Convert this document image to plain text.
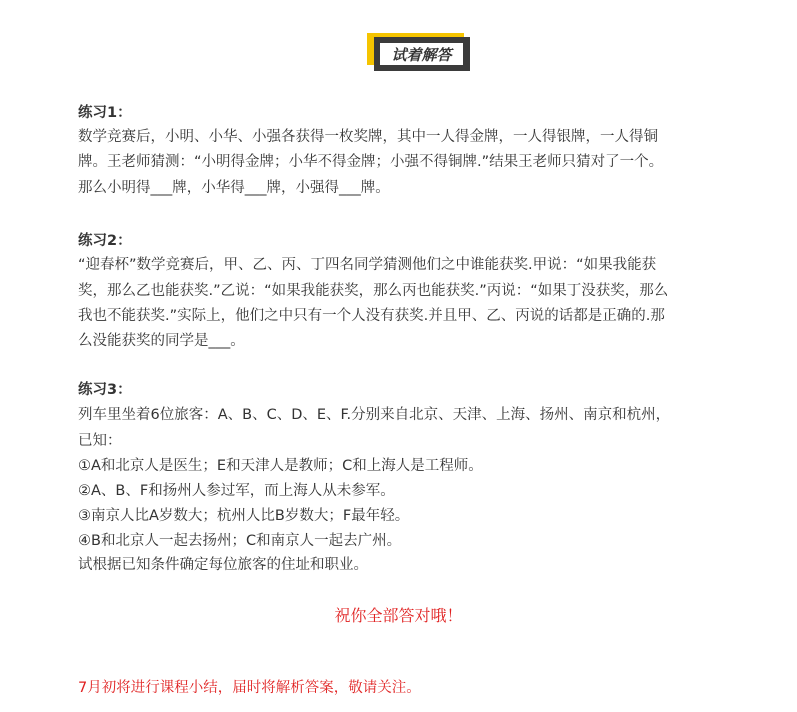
试着解答
练习1：
数学竞赛后，小明、小华、小强各获得一枚奖牌，其中一人得金牌，一人得银牌，一人得铜
牌。王老师猜测：“小明得金牌；小华不得金牌；小强不得铜牌.”结果王老师只猜对了一个。
那么小明得___牌，小华得___牌，小强得___牌。
练习2：
“迎春杯”数学竞赛后，甲、乙、丙、丁四名同学猜测他们之中谁能获奖.甲说：“如果我能获
奖，那么乙也能获奖.”乙说：“如果我能获奖，那么丙也能获奖.”丙说：“如果丁没获奖，那么
我也不能获奖.”实际上，他们之中只有一个人没有获奖.并且甲、乙、丙说的话都是正确的.那
么没能获奖的同学是___。
练习3：
列车里坐着6位旅客：A、B、C、D、E、F.分别来自北京、天津、上海、扬州、南京和杭州，
已知：
①A和北京人是医生；E和天津人是教师；C和上海人是工程师。
②A、B、F和扬州人参过军，而上海人从未参军。
③南京人比A岁数大；杭州人比B岁数大；F最年轻。
④B和北京人一起去扬州；C和南京人一起去广州。
试根据已知条件确定每位旅客的住址和职业。
7月初将进行课程小结，届时将解析答案，敬请关注。
祝你全部答对哦！
